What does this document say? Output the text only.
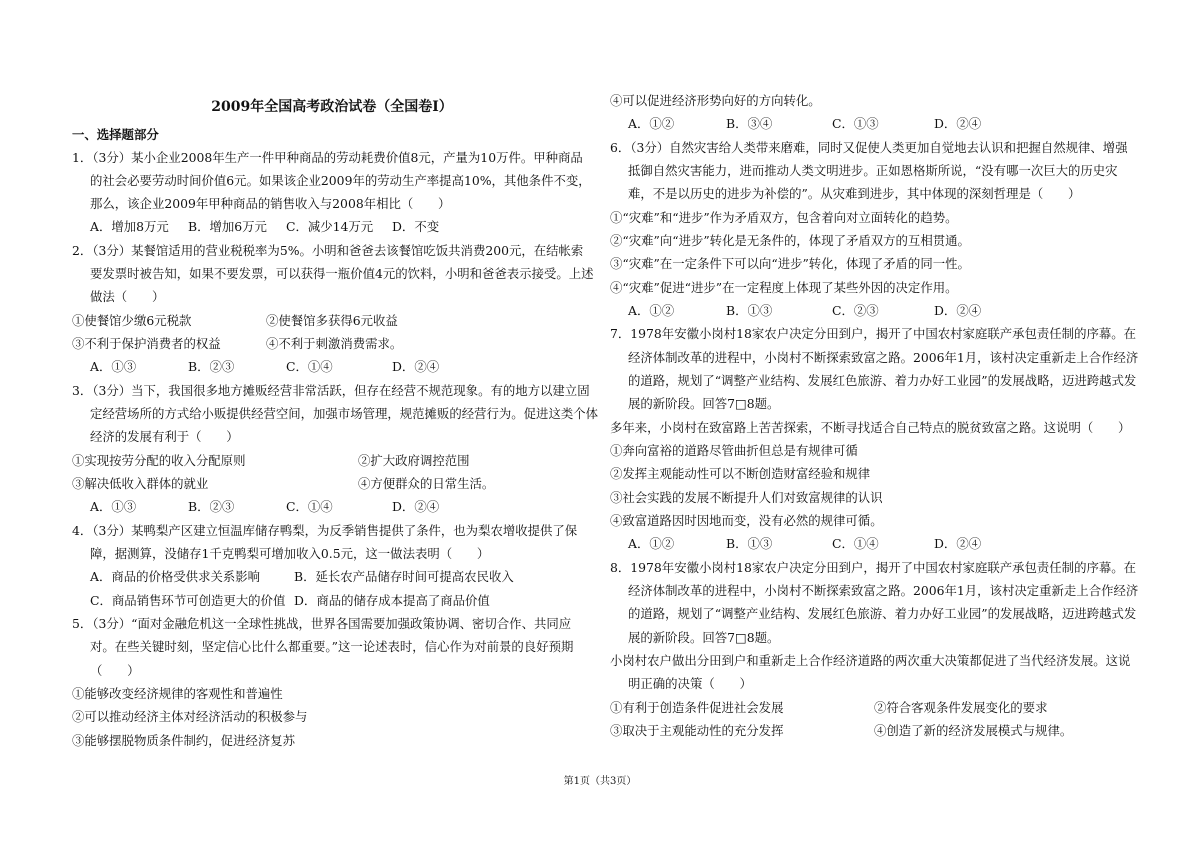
2009年全国高考政治试卷（全国卷Ⅰ）
一、选择题部分
1．（3分）某小企业2008年生产一件甲种商品的劳动耗费价值8元，产量为10万件。甲种商品
的社会必要劳动时间价值6元。如果该企业2009年的劳动生产率提高10%，其他条件不变，
那么，该企业2009年甲种商品的销售收入与2008年相比（　　）
A．增加8万元 B．增加6万元 C．减少14万元 D．不变
2．（3分）某餐馆适用的营业税税率为5%。小明和爸爸去该餐馆吃饭共消费200元，在结帐索
要发票时被告知，如果不要发票，可以获得一瓶价值4元的饮料，小明和爸爸表示接受。上述
做法（　　）
①使餐馆少缴6元税款	②使餐馆多获得6元收益
③不利于保护消费者的权益	④不利于刺激消费需求。
A．①③	B．②③	C．①④	D．②④
3．（3分）当下，我国很多地方摊贩经营非常活跃，但存在经营不规范现象。有的地方以建立固
定经营场所的方式给小贩提供经营空间，加强市场管理，规范摊贩的经营行为。促进这类个体
经济的发展有利于（　　）
①实现按劳分配的收入分配原则	②扩大政府调控范围
③解决低收入群体的就业	④方便群众的日常生活。
A．①③	B．②③	C．①④	D．②④
4．（3分）某鸭梨产区建立恒温库储存鸭梨，为反季销售提供了条件，也为梨农增收提供了保
障，据测算，没储存1千克鸭梨可增加收入0.5元，这一做法表明（　　）
A．商品的价格受供求关系影响	B．延长农产品储存时间可提高农民收入
C．商品销售环节可创造更大的价值 D．商品的储存成本提高了商品价值
5．（3分）“面对金融危机这一全球性挑战，世界各国需要加强政策协调、密切合作、共同应
对。在些关键时刻，坚定信心比什么都重要。”这一论述表时，信心作为对前景的良好预期
（　　）
①能够改变经济规律的客观性和普遍性
②可以推动经济主体对经济活动的积极参与
③能够摆脱物质条件制约，促进经济复苏
④可以促进经济形势向好的方向转化。
A．①②	B．③④	C．①③	D．②④
6．（3分）自然灾害给人类带来磨难，同时又促使人类更加自觉地去认识和把握自然规律、增强
抵御自然灾害能力，进而推动人类文明进步。正如恩格斯所说，“没有哪一次巨大的历史灾
难，不是以历史的进步为补偿的”。从灾难到进步，其中体现的深刻哲理是（　　）
①“灾难”和“进步”作为矛盾双方，包含着向对立面转化的趋势。
②“灾难”向“进步”转化是无条件的，体现了矛盾双方的互相贯通。
③“灾难”在一定条件下可以向“进步”转化，体现了矛盾的同一性。
④“灾难”促进“进步”在一定程度上体现了某些外因的决定作用。
A．①②	B．①③	C．②③	D．②④
7．1978年安徽小岗村18家农户决定分田到户，揭开了中国农村家庭联产承包责任制的序幕。在
经济体制改革的进程中，小岗村不断探索致富之路。2006年1月，该村决定重新走上合作经济
的道路，规划了“调整产业结构、发展红色旅游、着力办好工业园”的发展战略，迈进跨越式发
展的新阶段。回答7□8题。
多年来，小岗村在致富路上苦苦探索，不断寻找适合自己特点的脱贫致富之路。这说明（　　）
①奔向富裕的道路尽管曲折但总是有规律可循
②发挥主观能动性可以不断创造财富经验和规律
③社会实践的发展不断提升人们对致富规律的认识
④致富道路因时因地而变，没有必然的规律可循。
A．①②	B．①③	C．①④	D．②④
8．1978年安徽小岗村18家农户决定分田到户，揭开了中国农村家庭联产承包责任制的序幕。在
经济体制改革的进程中，小岗村不断探索致富之路。2006年1月，该村决定重新走上合作经济
的道路，规划了“调整产业结构、发展红色旅游、着力办好工业园”的发展战略，迈进跨越式发
展的新阶段。回答7□8题。
小岗村农户做出分田到户和重新走上合作经济道路的两次重大决策都促进了当代经济发展。这说
明正确的决策（　　）
①有利于创造条件促进社会发展	②符合客观条件发展变化的要求
③取决于主观能动性的充分发挥	④创造了新的经济发展模式与规律。
第1页（共3页）
